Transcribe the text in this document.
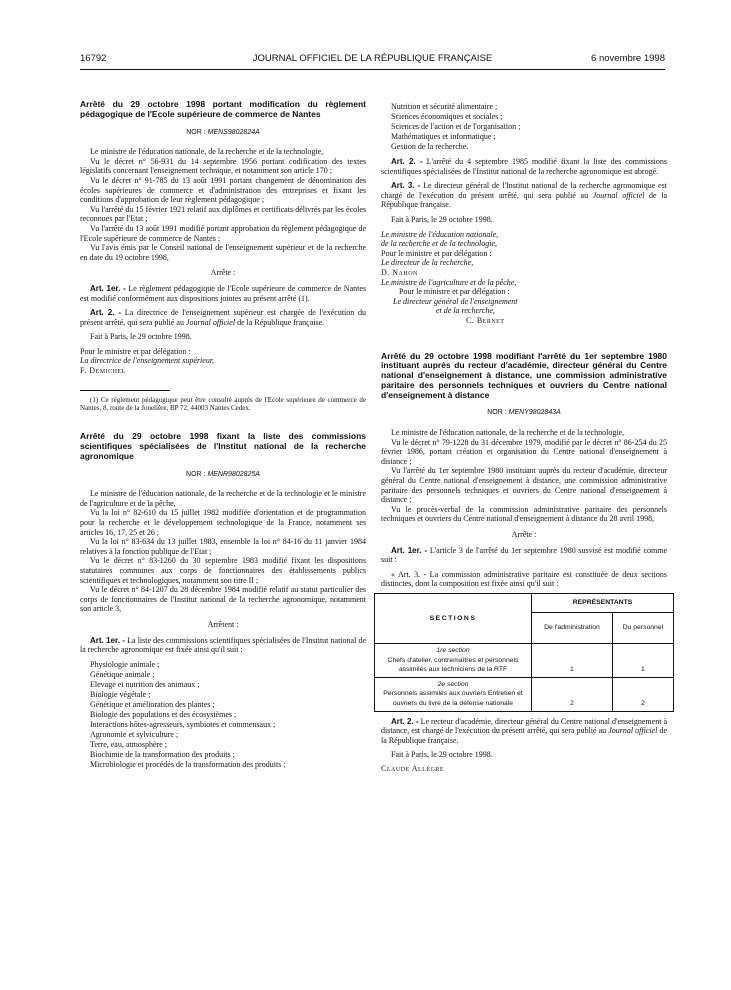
16792	JOURNAL OFFICIEL DE LA RÉPUBLIQUE FRANÇAISE	6 novembre 1998

Arrêté du 29 octobre 1998 portant modification du règlement pédagogique de l'Ecole supérieure de commerce de Nantes

NOR : MENS9802824A

Le ministre de l'éducation nationale, de la recherche et de la technologie,

Vu le décret n° 56-931 du 14 septembre 1956 portant codification des textes législatifs concernant l'enseignement technique, et notamment son article 170 ;

Vu le décret n° 91-785 du 13 août 1991 portant changement de dénomination des écoles supérieures de commerce et d'administration des entreprises et fixant les conditions d'approbation de leur règlement pédagogique ;

Vu l'arrêté du 15 février 1921 relatif aux diplômes et certificats délivrés par les écoles reconnues par l'Etat ;

Vu l'arrêté du 13 août 1991 modifié portant approbation du règlement pédagogique de l'Ecole supérieure de commerce de Nantes ;

Vu l'avis émis par le Conseil national de l'enseignement supérieur et de la recherche en date du 19 octobre 1998,

Arrête :

Art. 1er. - Le règlement pédagogique de l'Ecole supérieure de commerce de Nantes est modifié conformément aux dispositions jointes au présent arrêté (1).

Art. 2. - La directrice de l'enseignement supérieur est chargée de l'exécution du présent arrêté, qui sera publié au Journal officiel de la République française.

Fait à Paris, le 29 octobre 1998.

Pour le ministre et par délégation :

La directrice de l'enseignement supérieur,

F. Demichel

(1) Ce règlement pédagogique peut être consulté auprès de l'Ecole supérieure de commerce de Nantes, 8, route de la Jonelière, BP 72, 44003 Nantes Cedex.

Arrêté du 29 octobre 1998 fixant la liste des commissions scientifiques spécialisées de l'Institut national de la recherche agronomique

NOR : MENR9802825A

Le ministre de l'éducation nationale, de la recherche et de la technologie et le ministre de l'agriculture et de la pêche,

Vu la loi n° 82-610 du 15 juillet 1982 modifiée d'orientation et de programmation pour la recherche et le développement technologique de la France, notamment ses articles 16, 17, 25 et 26 ;

Vu la loi n° 83-634 du 13 juillet 1983, ensemble la loi n° 84-16 du 11 janvier 1984 relatives à la fonction publique de l'Etat ;

Vu le décret n° 83-1260 du 30 septembre 1983 modifié fixant les dispositions statutaires communes aux corps de fonctionnaires des établissements publics scientifiques et technologiques, notamment son titre II ;

Vu le décret n° 84-1207 du 28 décembre 1984 modifié relatif au statut particulier des corps de fonctionnaires de l'Institut national de la recherche agronomique, notamment son article 3,

Arrêtent :

Art. 1er. - La liste des commissions scientifiques spécialisées de l'Institut national de la recherche agronomique est fixée ainsi qu'il suit :

Physiologie animale ;
Génétique animale ;
Elevage et nutrition des animaux ;
Biologie végétale ;
Génétique et amélioration des plantes ;
Biologie des populations et des écosystèmes ;
Interactions hôtes-agresseurs, symbiotes et commensaux ;
Agronomie et sylviculture ;
Terre, eau, atmosphère ;
Biochimie de la transformation des produits ;
Microbiologie et procédés de la transformation des produits ;
Nutrition et sécurité alimentaire ;
Sciences économiques et sociales ;
Sciences de l'action et de l'organisation ;
Mathématiques et informatique ;
Gestion de la recherche.

Art. 2. - L'arrêté du 4 septembre 1985 modifié fixant la liste des commissions scientifiques spécialisées de l'Institut national de la recherche agronomique est abrogé.

Art. 3. - Le directeur général de l'Institut national de la recherche agronomique est chargé de l'exécution du présent arrêté, qui sera publié au Journal officiel de la République française.

Fait à Paris, le 29 octobre 1998.

Le ministre de l'éducation nationale,

de la recherche et de la technologie,

Pour le ministre et par délégation :

Le directeur de la recherche,

D. Nahon

Le ministre de l'agriculture et de la pêche,

Pour le ministre et par délégation :

Le directeur général de l'enseignement

et de la recherche,

C. Bernet

Arrêté du 29 octobre 1998 modifiant l'arrêté du 1er septembre 1980 instituant auprès du recteur d'académie, directeur général du Centre national d'enseignement à distance, une commission administrative paritaire des personnels techniques et ouvriers du Centre national d'enseignement à distance

NOR : MENY9802843A

Le ministre de l'éducation nationale, de la recherche et de la technologie,

Vu le décret n° 79-1228 du 31 décembre 1979, modifié par le décret n° 86-254 du 25 février 1986, portant création et organisation du Centre national d'enseignement à distance ;

Vu l'arrêté du 1er septembre 1980 instituant auprès du recteur d'académie, directeur général du Centre national d'enseignement à distance, une commission administrative paritaire des personnels techniques et ouvriers du Centre national d'enseignement à distance ;

Vu le procès-verbal de la commission administrative paritaire des personnels techniques et ouvriers du Centre national d'enseignement à distance du 28 avril 1998,

Arrête :

Art. 1er. - L'article 3 de l'arrêté du 1er septembre 1980 susvisé est modifié comme suit :

« Art. 3. - La commission administrative paritaire est constituée de deux sections distinctes, dont la composition est fixée ainsi qu'il suit :

SECTIONS	REPRÉSENTANTS	
	De l'administration	Du personnel

1re section
Chefs d'atelier, contremaîtres et personnels assimilés aux techniciens de la RTF	1	1

2e section
Personnels assimilés aux ouvriers Entretien et ouvriers du livre de la défense nationale	2	2

Art. 2. - Le recteur d'académie, directeur général du Centre national d'enseignement à distance, est chargé de l'exécution du présent arrêté, qui sera publié au Journal officiel de la République française.

Fait à Paris, le 29 octobre 1998.

Claude Allègre
